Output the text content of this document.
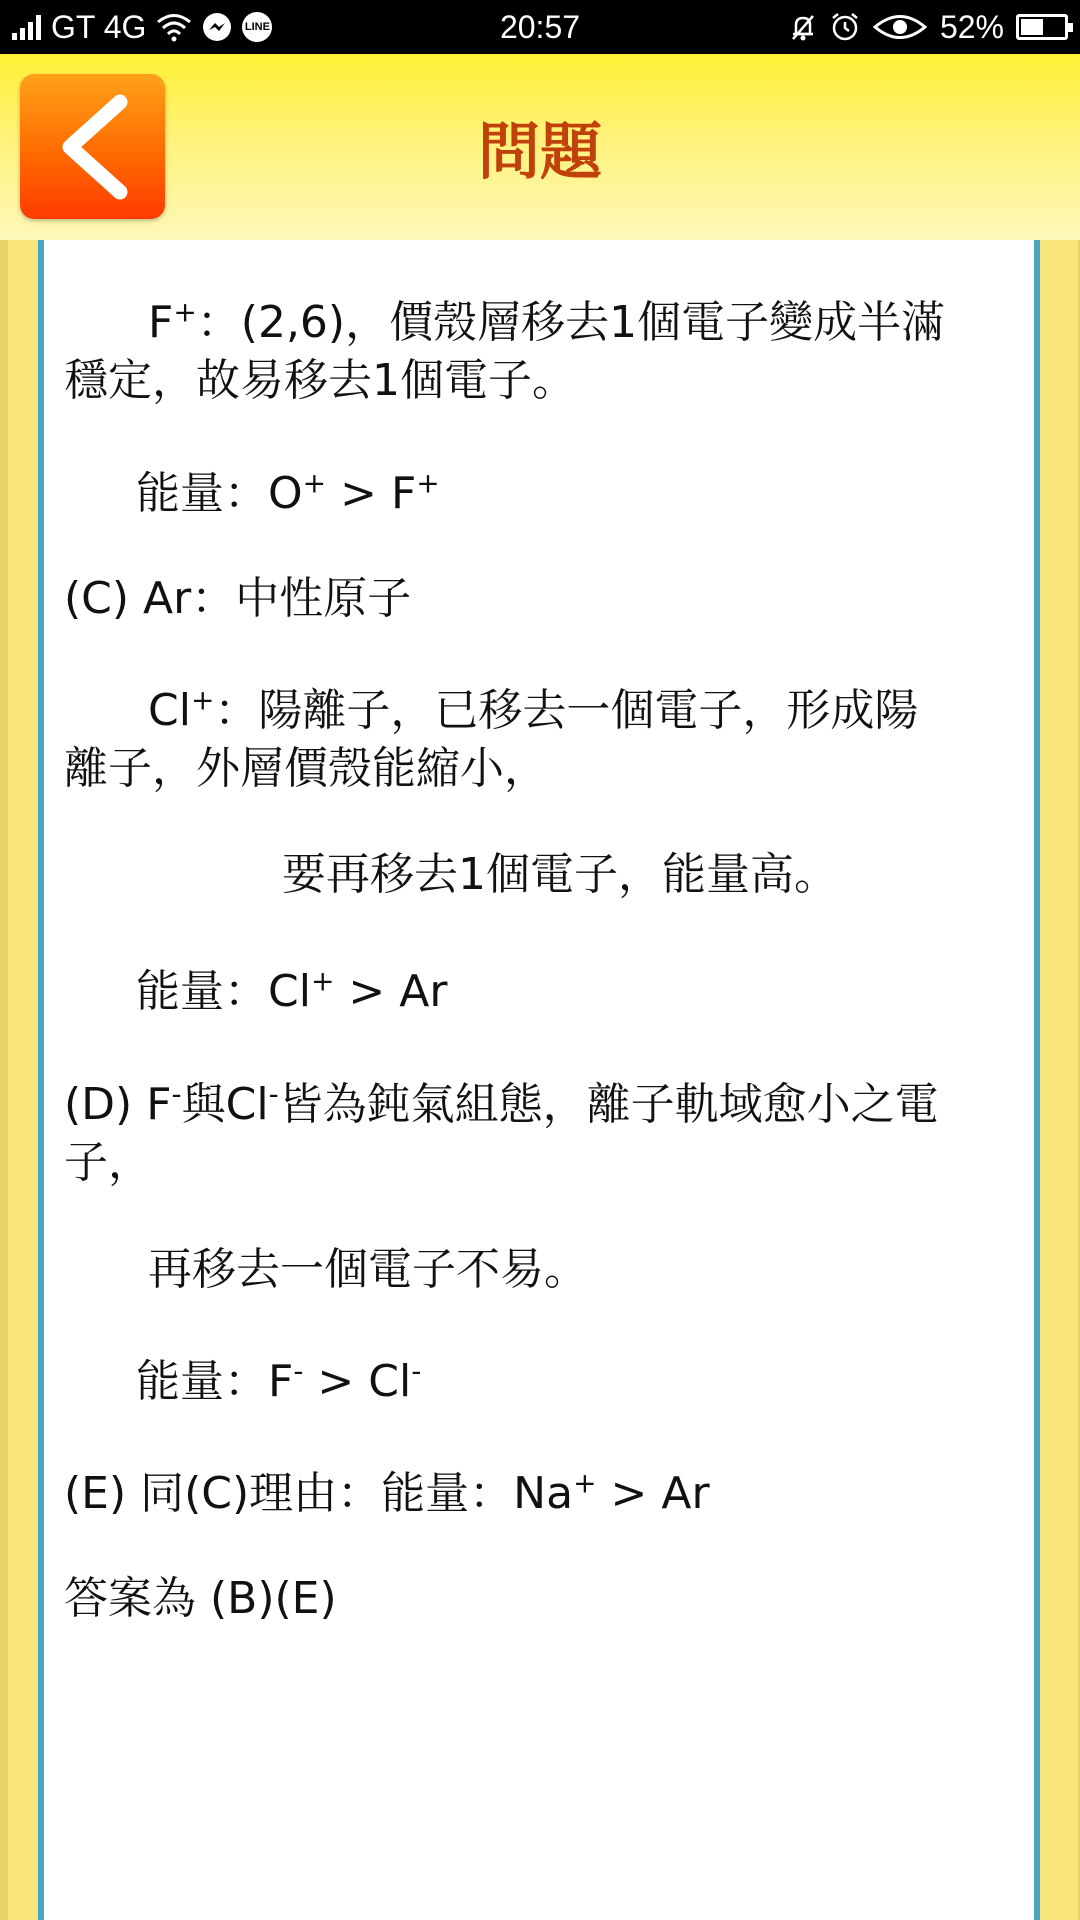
GT 4G	LINE	20:57	52%
問題
F+：(2,6)，價殼層移去1個電子變成半滿
穩定，故易移去1個電子。
能量：O+ > F+
(C) Ar：中性原子
Cl+：陽離子，已移去一個電子，形成陽
離子，外層價殼能縮小，
要再移去1個電子，能量高。
能量：Cl+ > Ar
(D) F-與Cl-皆為鈍氣組態，離子軌域愈小之電
子，
再移去一個電子不易。
能量：F- > Cl-
(E) 同(C)理由：能量：Na+ > Ar
答案為 (B)(E)
